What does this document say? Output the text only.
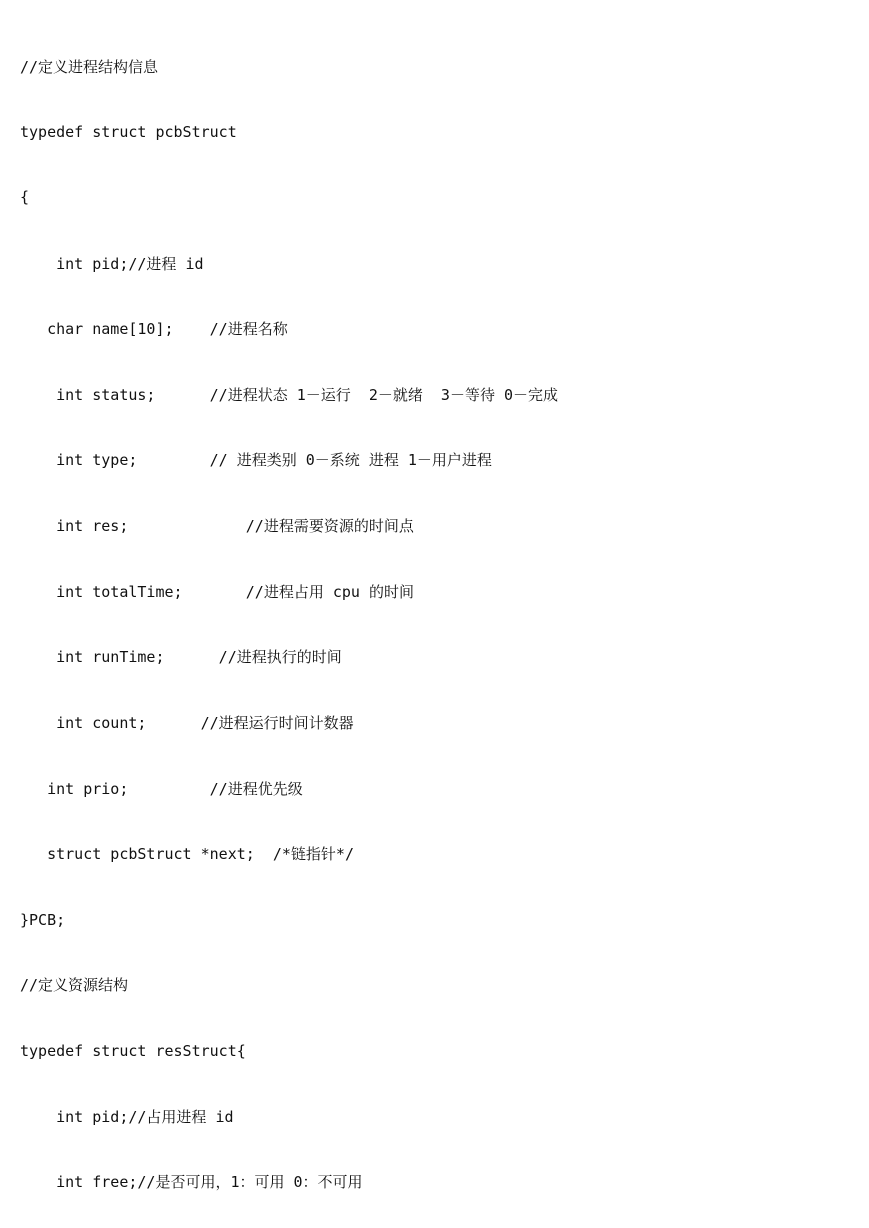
//定义进程结构信息
typedef struct pcbStruct
{
int pid;//进程 id
char name[10];    //进程名称
int status;      //进程状态 1－运行  2－就绪  3－等待 0－完成
int type;        // 进程类别 0－系统 进程 1－用户进程
int res;             //进程需要资源的时间点
int totalTime;       //进程占用 cpu 的时间
int runTime;      //进程执行的时间
int count;      //进程运行时间计数器
int prio;         //进程优先级
struct pcbStruct *next;  /*链指针*/
}PCB;
//定义资源结构
typedef struct resStruct{
int pid;//占用进程 id
int free;//是否可用，1：可用 0：不可用
